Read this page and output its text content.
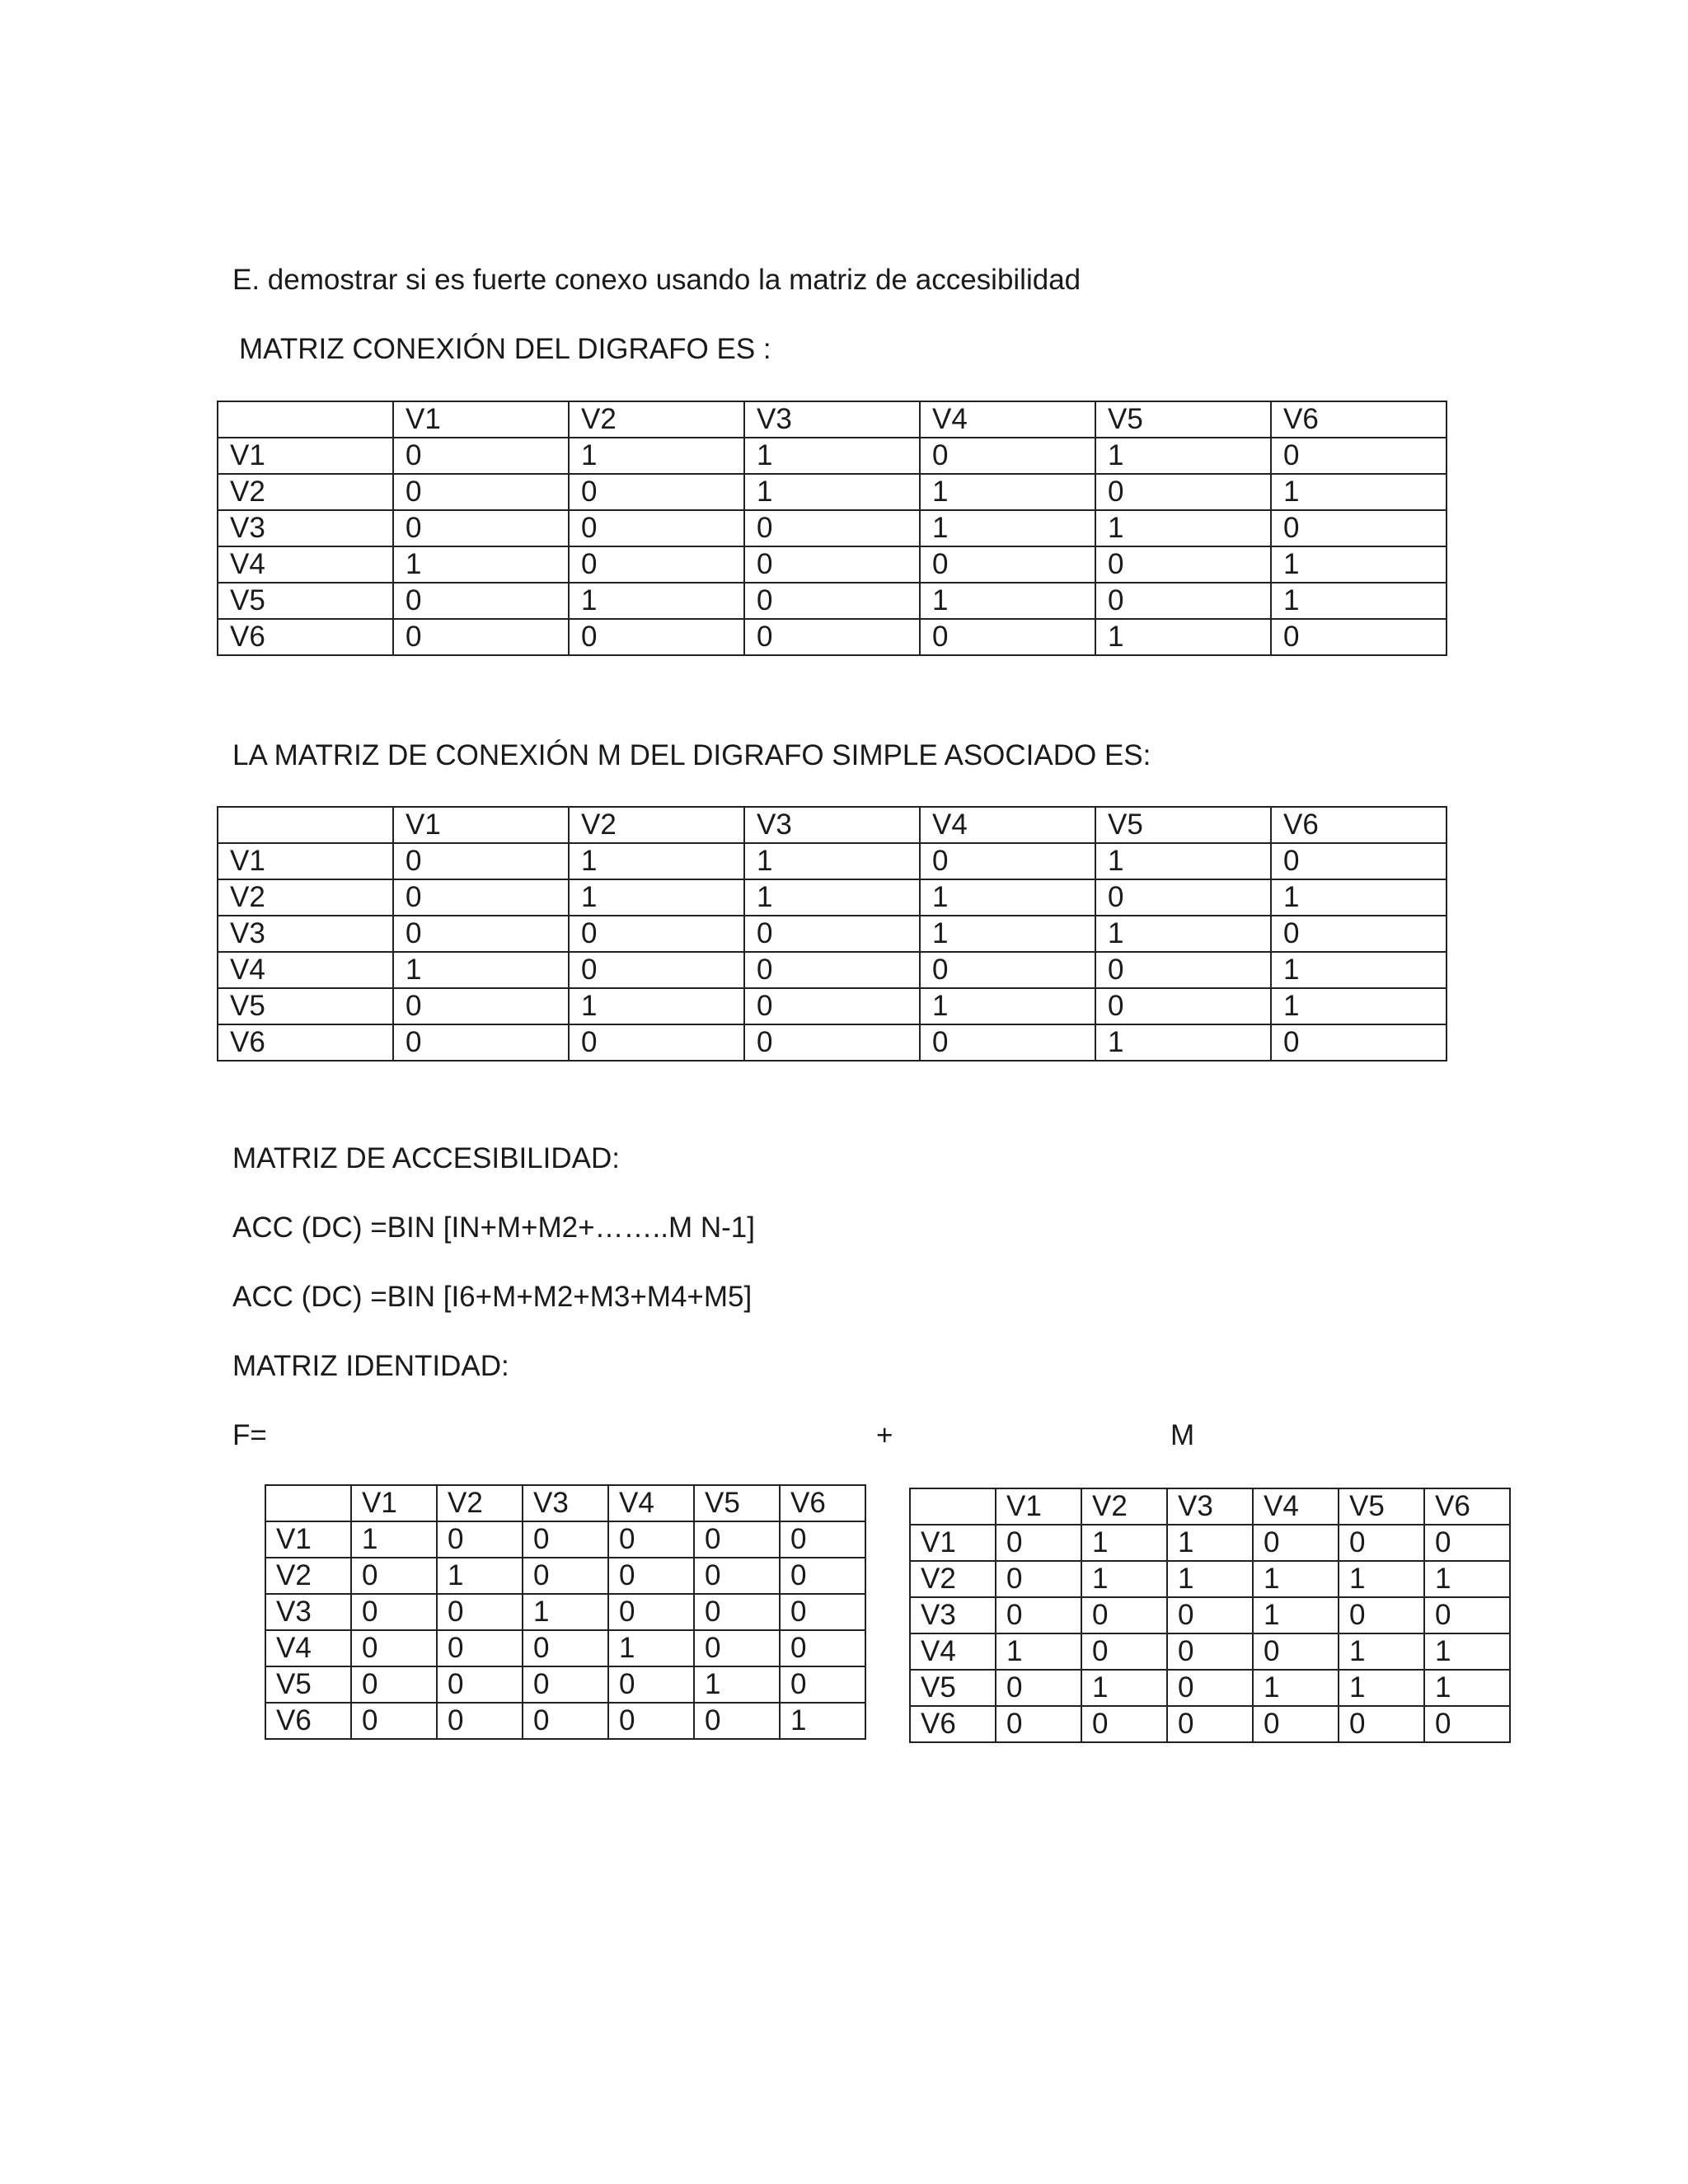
E. demostrar si es fuerte conexo usando la matriz de accesibilidad
MATRIZ CONEXIÓN DEL DIGRAFO ES :
	V1	V2	V3	V4	V5	V6
V1	0	1	1	0	1	0
V2	0	0	1	1	0	1
V3	0	0	0	1	1	0
V4	1	0	0	0	0	1
V5	0	1	0	1	0	1
V6	0	0	0	0	1	0
LA MATRIZ DE CONEXIÓN M DEL DIGRAFO SIMPLE ASOCIADO ES:
	V1	V2	V3	V4	V5	V6
V1	0	1	1	0	1	0
V2	0	1	1	1	0	1
V3	0	0	0	1	1	0
V4	1	0	0	0	0	1
V5	0	1	0	1	0	1
V6	0	0	0	0	1	0
MATRIZ DE ACCESIBILIDAD:
ACC (DC) =BIN [IN+M+M2+……..M N-1]
ACC (DC) =BIN [I6+M+M2+M3+M4+M5]
MATRIZ IDENTIDAD:
F=	+	M
	V1	V2	V3	V4	V5	V6
V1	1	0	0	0	0	0
V2	0	1	0	0	0	0
V3	0	0	1	0	0	0
V4	0	0	0	1	0	0
V5	0	0	0	0	1	0
V6	0	0	0	0	0	1
	V1	V2	V3	V4	V5	V6
V1	0	1	1	0	0	0
V2	0	1	1	1	1	1
V3	0	0	0	1	0	0
V4	1	0	0	0	1	1
V5	0	1	0	1	1	1
V6	0	0	0	0	0	0
